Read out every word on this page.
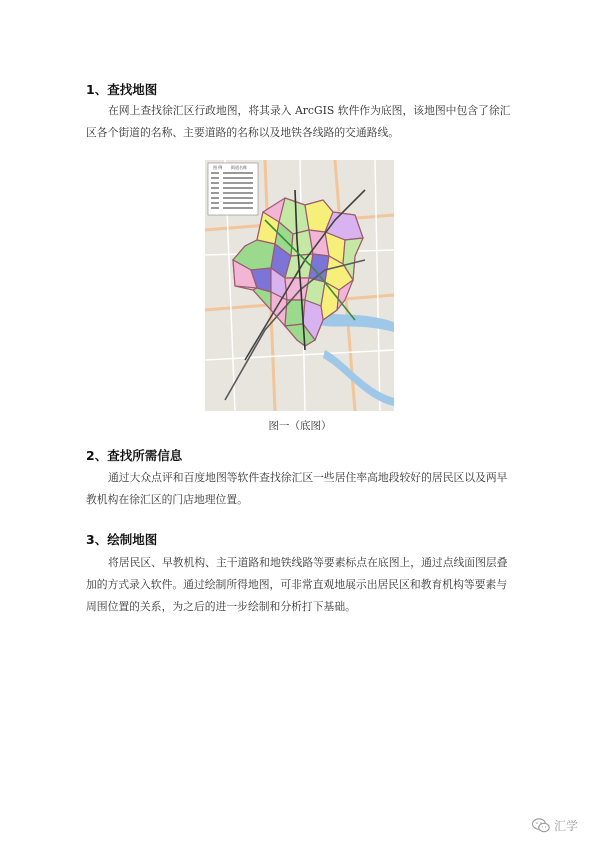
1、查找地图
在网上查找徐汇区行政地图，将其录入 ArcGIS 软件作为底图，该地图中包含了徐汇
区各个街道的名称、主要道路的名称以及地铁各线路的交通路线。
图 例 街道名称
图一（底图）
2、查找所需信息
通过大众点评和百度地图等软件查找徐汇区一些居住率高地段较好的居民区以及两早
教机构在徐汇区的门店地理位置。
3、绘制地图
将居民区、早教机构、主干道路和地铁线路等要素标点在底图上，通过点线面图层叠
加的方式录入软件。通过绘制所得地图，可非常直观地展示出居民区和教育机构等要素与
周围位置的关系，为之后的进一步绘制和分析打下基础。
汇学
